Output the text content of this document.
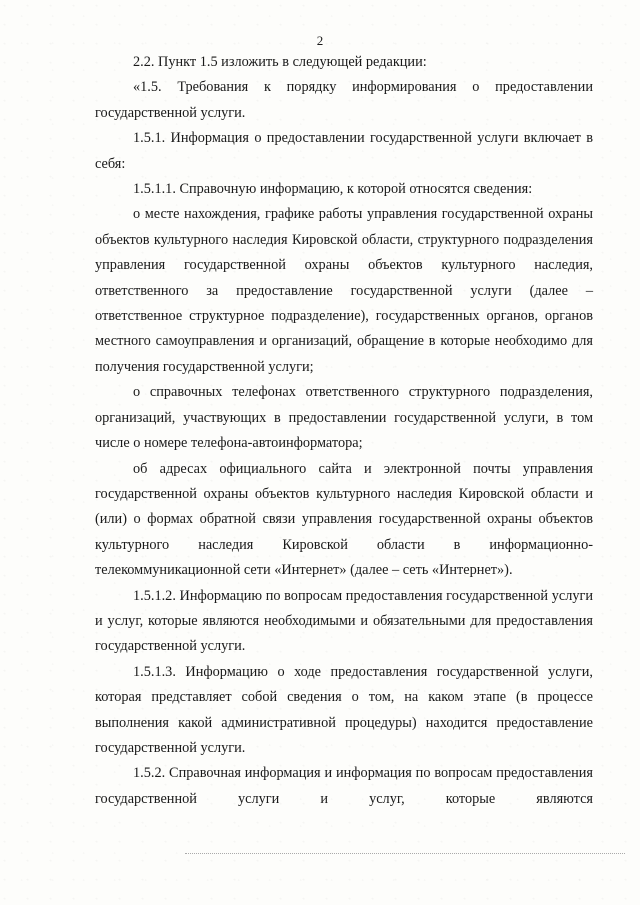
2

2.2. Пункт 1.5 изложить в следующей редакции:

«1.5. Требования к порядку информирования о предоставлении государственной услуги.

1.5.1. Информация о предоставлении государственной услуги включает в себя:

1.5.1.1. Справочную информацию, к которой относятся сведения:

о месте нахождения, графике работы управления государственной охраны объектов культурного наследия Кировской области, структурного подразделения управления государственной охраны объектов культурного наследия, ответственного за предоставление государственной услуги (далее – ответственное структурное подразделение), государственных органов, органов местного самоуправления и организаций, обращение в которые необходимо для получения государственной услуги;

о справочных телефонах ответственного структурного подразделения, организаций, участвующих в предоставлении государственной услуги, в том числе о номере телефона-автоинформатора;

об адресах официального сайта и электронной почты управления государственной охраны объектов культурного наследия Кировской области и (или) о формах обратной связи управления государственной охраны объектов культурного наследия Кировской области в информационно-телекоммуникационной сети «Интернет» (далее – сеть «Интернет»).

1.5.1.2. Информацию по вопросам предоставления государственной услуги и услуг, которые являются необходимыми и обязательными для предоставления государственной услуги.

1.5.1.3. Информацию о ходе предоставления государственной услуги, которая представляет собой сведения о том, на каком этапе (в процессе выполнения какой административной процедуры) находится предоставление государственной услуги.

1.5.2. Справочная информация и информация по вопросам предоставления государственной услуги и услуг, которые являются
